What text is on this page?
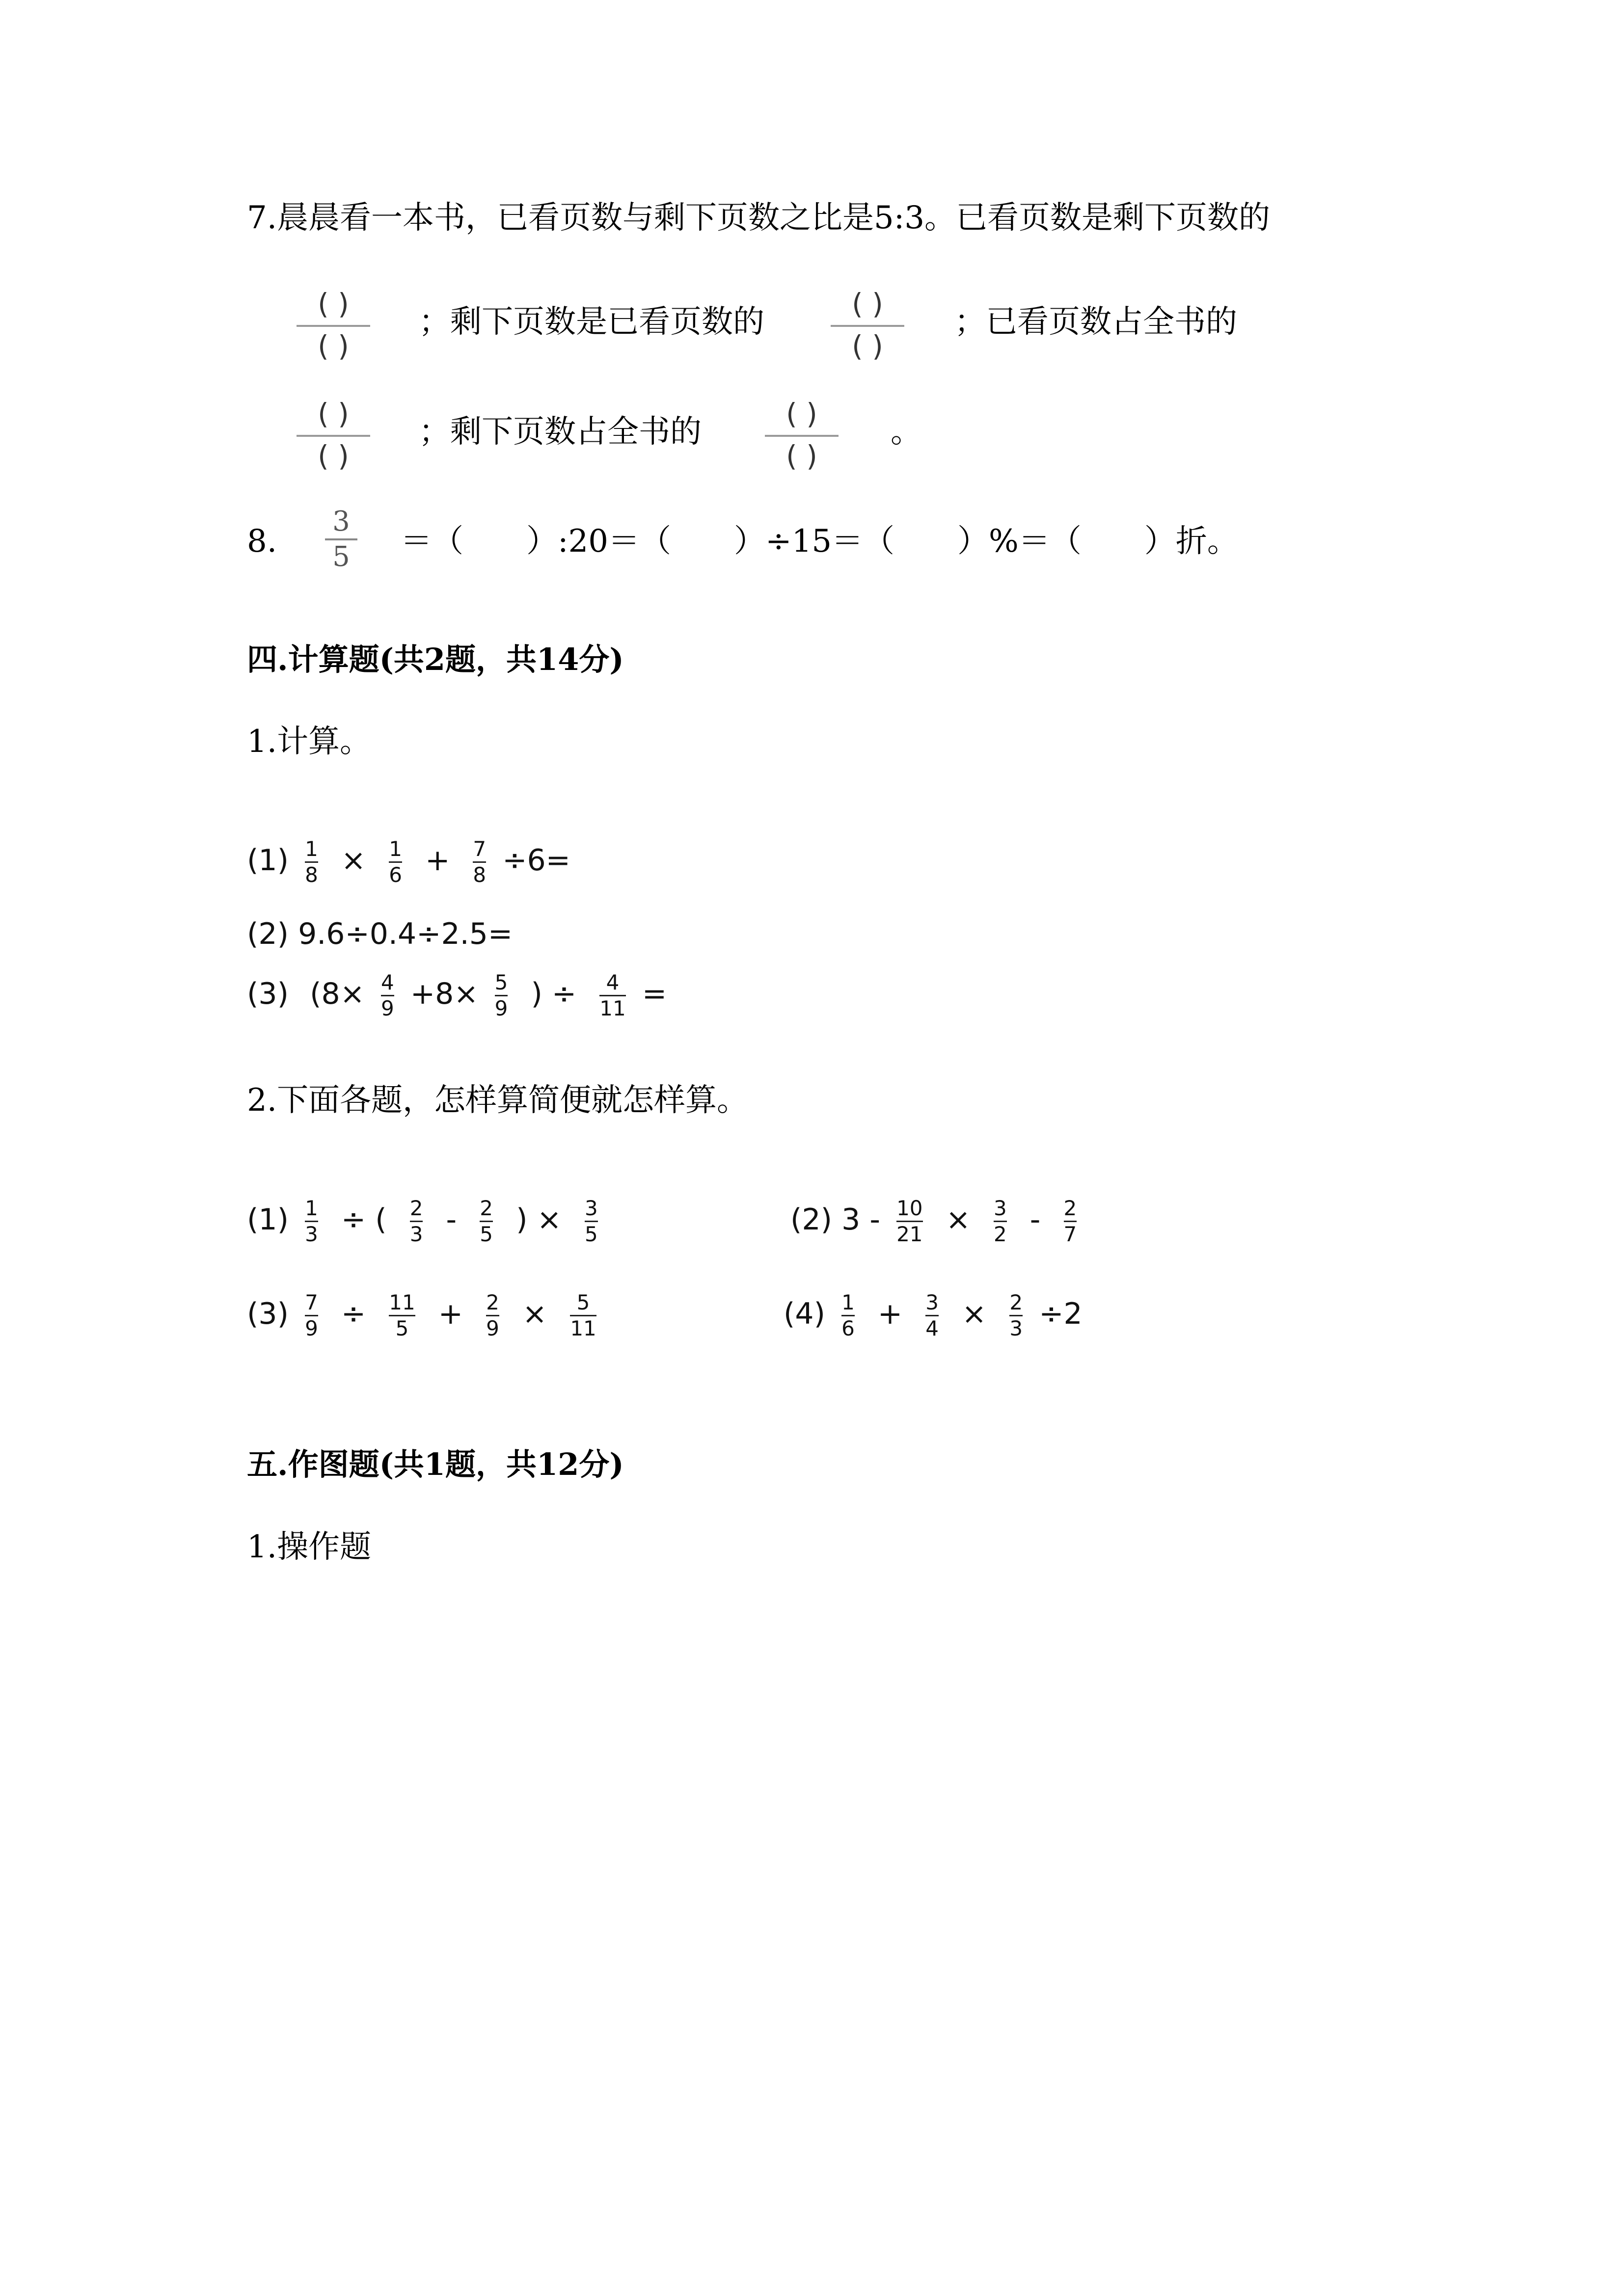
7.晨晨看一本书，已看页数与剩下页数之比是5:3。已看页数是剩下页数的
( )
( )
；剩下页数是已看页数的	( )
( )
；已看页数占全书的
( )
( )
；剩下页数占全书的	( )
( )
。
8.
3
5 ＝（　　）:20＝（　　）÷15＝（　　）%＝（　　）折。
四.计算题(共2题，共14分)
1.计算。
$(1) \frac{1}{8} \times \frac{1}{6} + \frac{7}{8} \div 6=$
(2) 9.6÷0.4÷2.5=
(3) ($8\times \frac{4}{9} +8\times \frac{5}{9}$ ) ÷ $\frac{4}{11}$ =
2.下面各题，怎样算简便就怎样算。
$(1) \frac{1}{3}$ ÷ ( $\frac{2}{3} - \frac{2}{5}$ ) × $\frac{3}{5}$	(2) $3 - \frac{10}{21} \times \frac{3}{2} - \frac{2}{7}$
$(3) \frac{7}{9} \div \frac{11}{5} + \frac{2}{9} \times \frac{5}{11}$	$(4) \frac{1}{6} + \frac{3}{4} \times \frac{2}{3} \div 2$
五.作图题(共1题，共12分)
1.操作题
